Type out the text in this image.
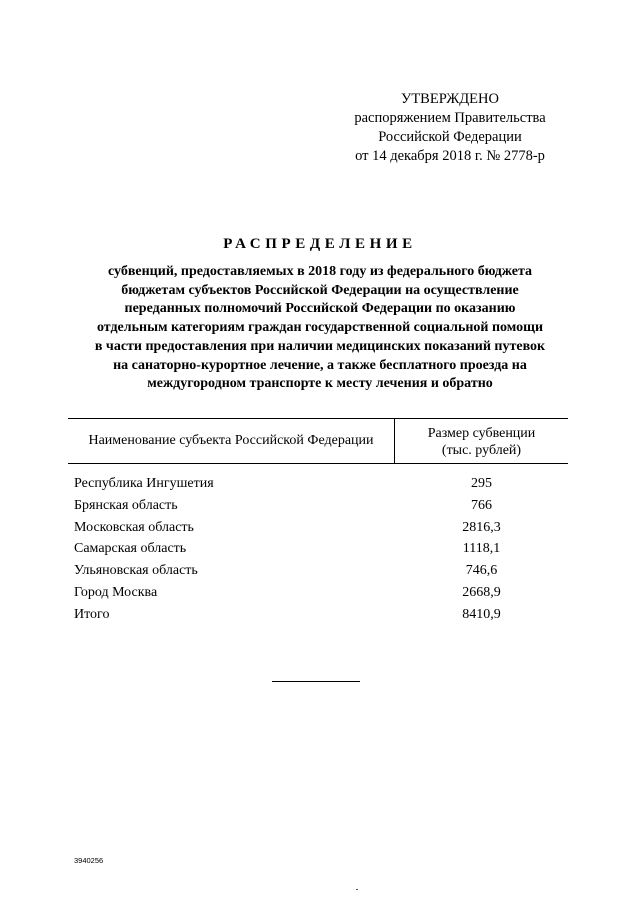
УТВЕРЖДЕНО
распоряжением Правительства
Российской Федерации
от 14 декабря 2018 г. № 2778-р
РАСПРЕДЕЛЕНИЕ
субвенций, предоставляемых в 2018 году из федерального бюджета
бюджетам субъектов Российской Федерации на осуществление
переданных полномочий Российской Федерации по оказанию
отдельным категориям граждан государственной социальной помощи
в части предоставления при наличии медицинских показаний путевок
на санаторно-курортное лечение, а также бесплатного проезда на
междугородном транспорте к месту лечения и обратно
Наименование субъекта Российской Федерации	Размер субвенции
(тыс. рублей)
Республика Ингушетия	295
Брянская область	766
Московская область	2816,3
Самарская область	1118,1
Ульяновская область	746,6
Город Москва	2668,9
Итого	8410,9
3940256
